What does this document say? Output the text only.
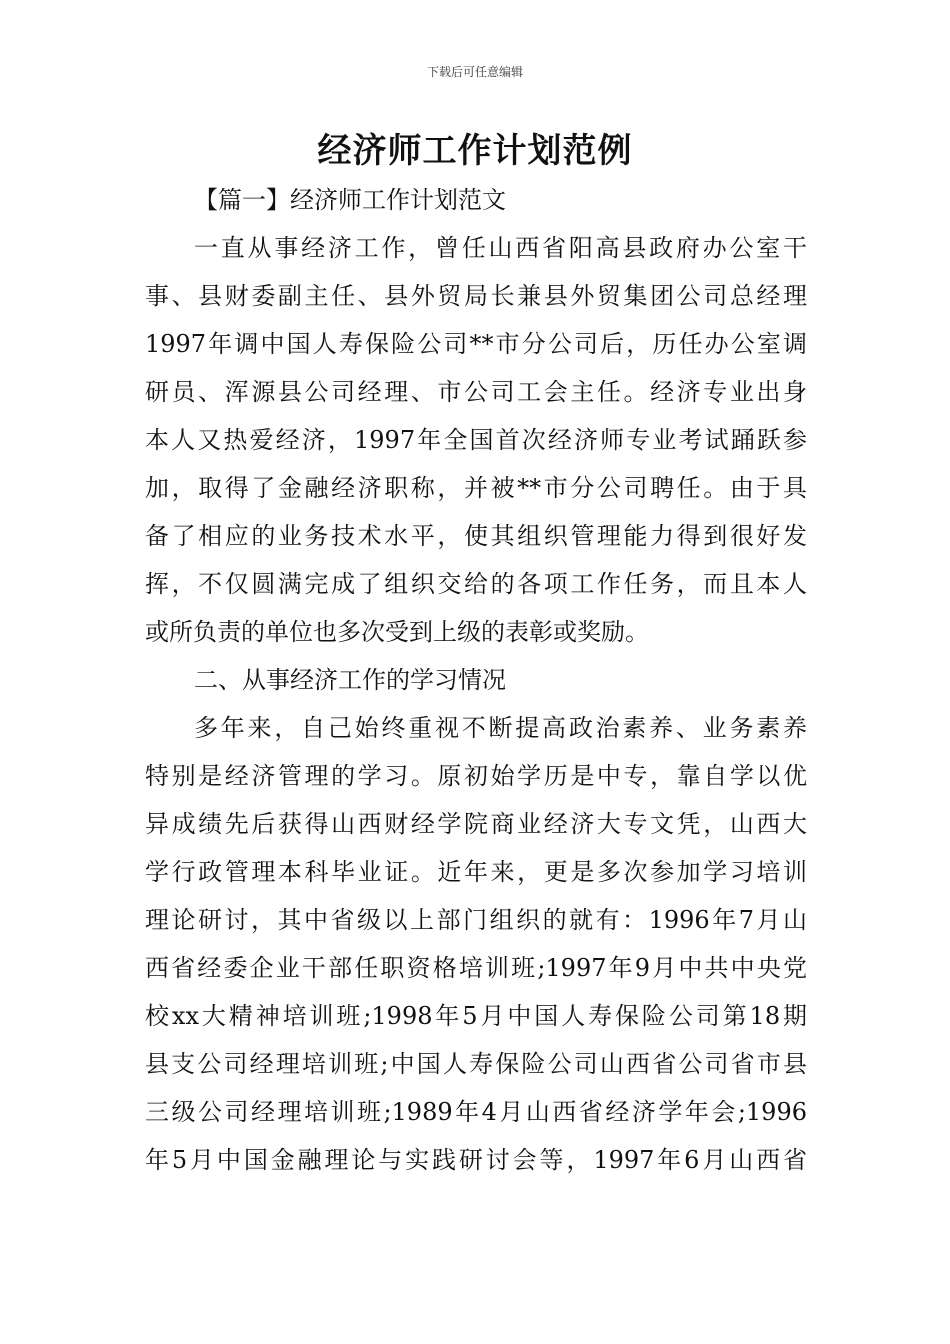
下载后可任意编辑
经济师工作计划范例
【篇一】经济师工作计划范文
一直从事经济工作，曾任山西省阳高县政府办公室干
事、县财委副主任、县外贸局长兼县外贸集团公司总经理
1997年调中国人寿保险公司**市分公司后，历任办公室调
研员、浑源县公司经理、市公司工会主任。经济专业出身
本人又热爱经济，1997年全国首次经济师专业考试踊跃参
加，取得了金融经济职称，并被**市分公司聘任。由于具
备了相应的业务技术水平，使其组织管理能力得到很好发
挥，不仅圆满完成了组织交给的各项工作任务，而且本人
或所负责的单位也多次受到上级的表彰或奖励。
二、从事经济工作的学习情况
多年来，自己始终重视不断提高政治素养、业务素养
特别是经济管理的学习。原初始学历是中专，靠自学以优
异成绩先后获得山西财经学院商业经济大专文凭，山西大
学行政管理本科毕业证。近年来，更是多次参加学习培训
理论研讨，其中省级以上部门组织的就有：1996年7月山
西省经委企业干部任职资格培训班;1997年9月中共中央党
校xx大精神培训班;1998年5月中国人寿保险公司第18期
县支公司经理培训班;中国人寿保险公司山西省公司省市县
三级公司经理培训班;1989年4月山西省经济学年会;1996
年5月中国金融理论与实践研讨会等，1997年6月山西省
